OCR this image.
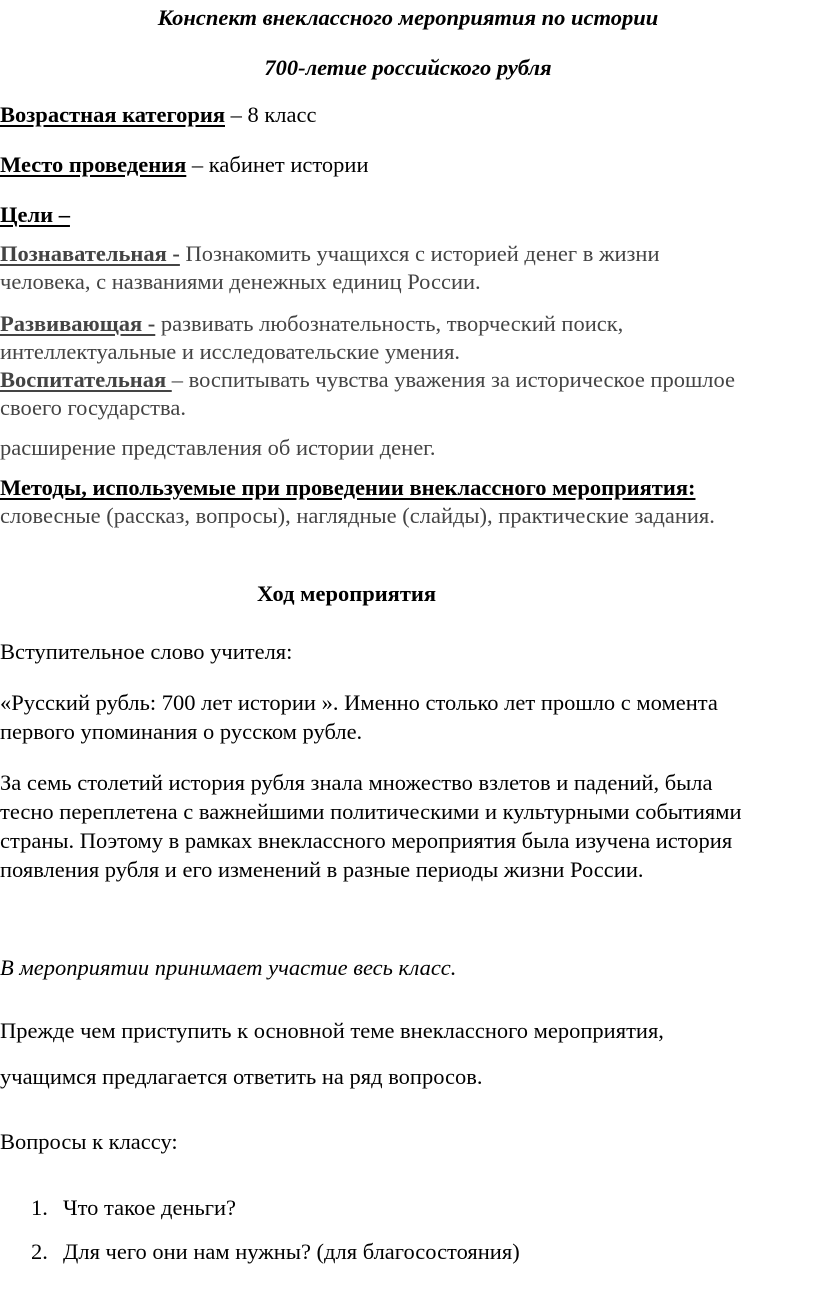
Конспект внеклассного мероприятия по истории

700-летие российского рубля

Возрастная категория – 8 класс

Место проведения – кабинет истории

Цели –

Познавательная - Познакомить учащихся с историей денег в жизни

человека, с названиями денежных единиц России.

Развивающая - развивать любознательность, творческий поиск,

интеллектуальные и исследовательские умения.

Воспитательная – воспитывать чувства уважения за историческое прошлое

своего государства.

расширение представления об истории денег.

Методы, используемые при проведении внеклассного мероприятия:

словесные (рассказ, вопросы), наглядные (слайды), практические задания.

Ход мероприятия

Вступительное слово учителя:

«Русский рубль: 700 лет истории ». Именно столько лет прошло с момента

первого упоминания о русском рубле.

За семь столетий история рубля знала множество взлетов и падений, была

тесно переплетена с важнейшими политическими и культурными событиями

страны. Поэтому в рамках внеклассного мероприятия была изучена история

появления рубля и его изменений в разные периоды жизни России.

В мероприятии принимает участие весь класс.

Прежде чем приступить к основной теме внеклассного мероприятия,

учащимся предлагается ответить на ряд вопросов.

Вопросы к классу:

1. Что такое деньги?
2. Для чего они нам нужны? (для благосостояния)
